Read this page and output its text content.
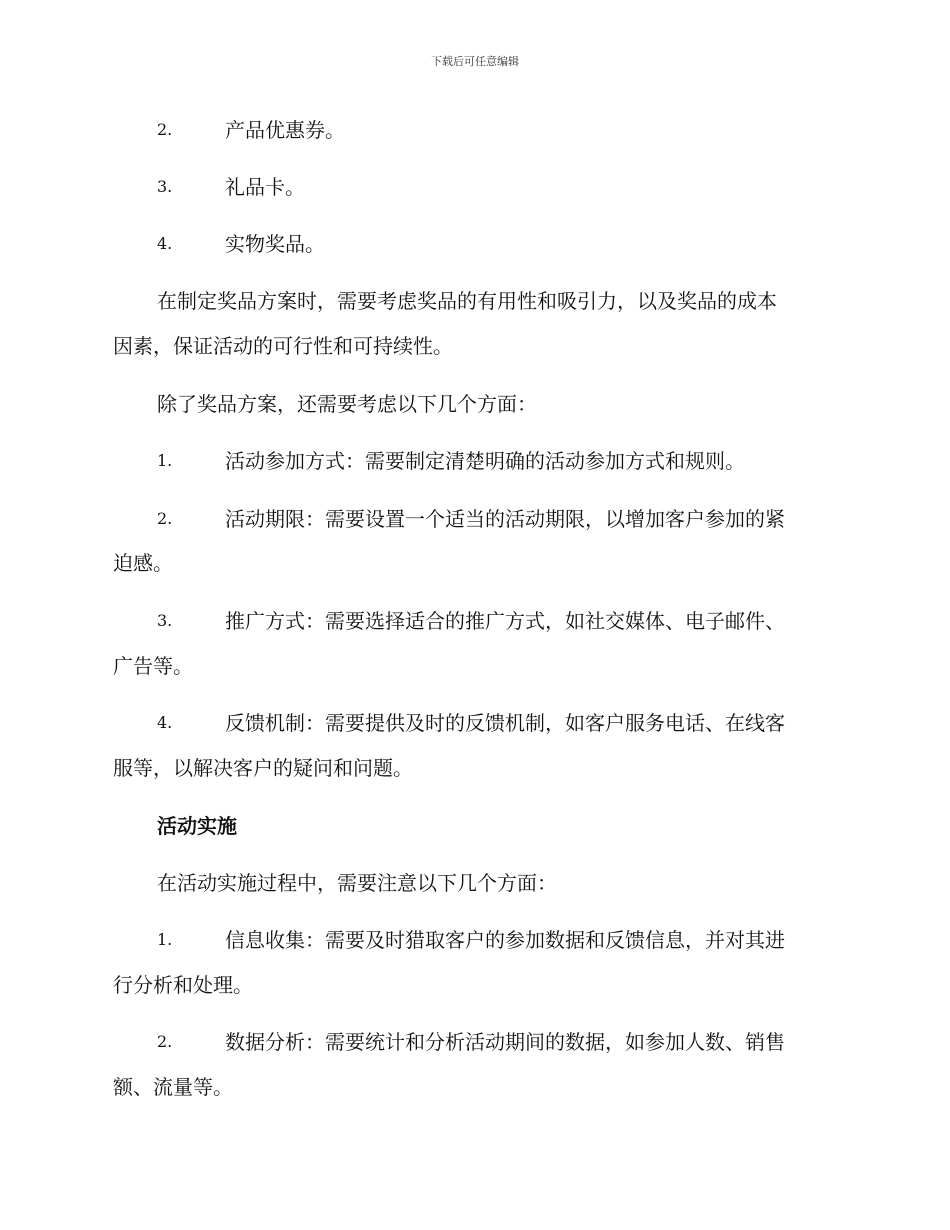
下载后可任意编辑
2.	产品优惠券。
3.	礼品卡。
4.	实物奖品。
在制定奖品方案时，需要考虑奖品的有用性和吸引力，以及奖品的成本
因素，保证活动的可行性和可持续性。
除了奖品方案，还需要考虑以下几个方面：
1.	活动参加方式：需要制定清楚明确的活动参加方式和规则。
2.	活动期限：需要设置一个适当的活动期限，以增加客户参加的紧
迫感。
3.	推广方式：需要选择适合的推广方式，如社交媒体、电子邮件、
广告等。
4.	反馈机制：需要提供及时的反馈机制，如客户服务电话、在线客
服等，以解决客户的疑问和问题。
活动实施
在活动实施过程中，需要注意以下几个方面：
1.	信息收集：需要及时猎取客户的参加数据和反馈信息，并对其进
行分析和处理。
2.	数据分析：需要统计和分析活动期间的数据，如参加人数、销售
额、流量等。
